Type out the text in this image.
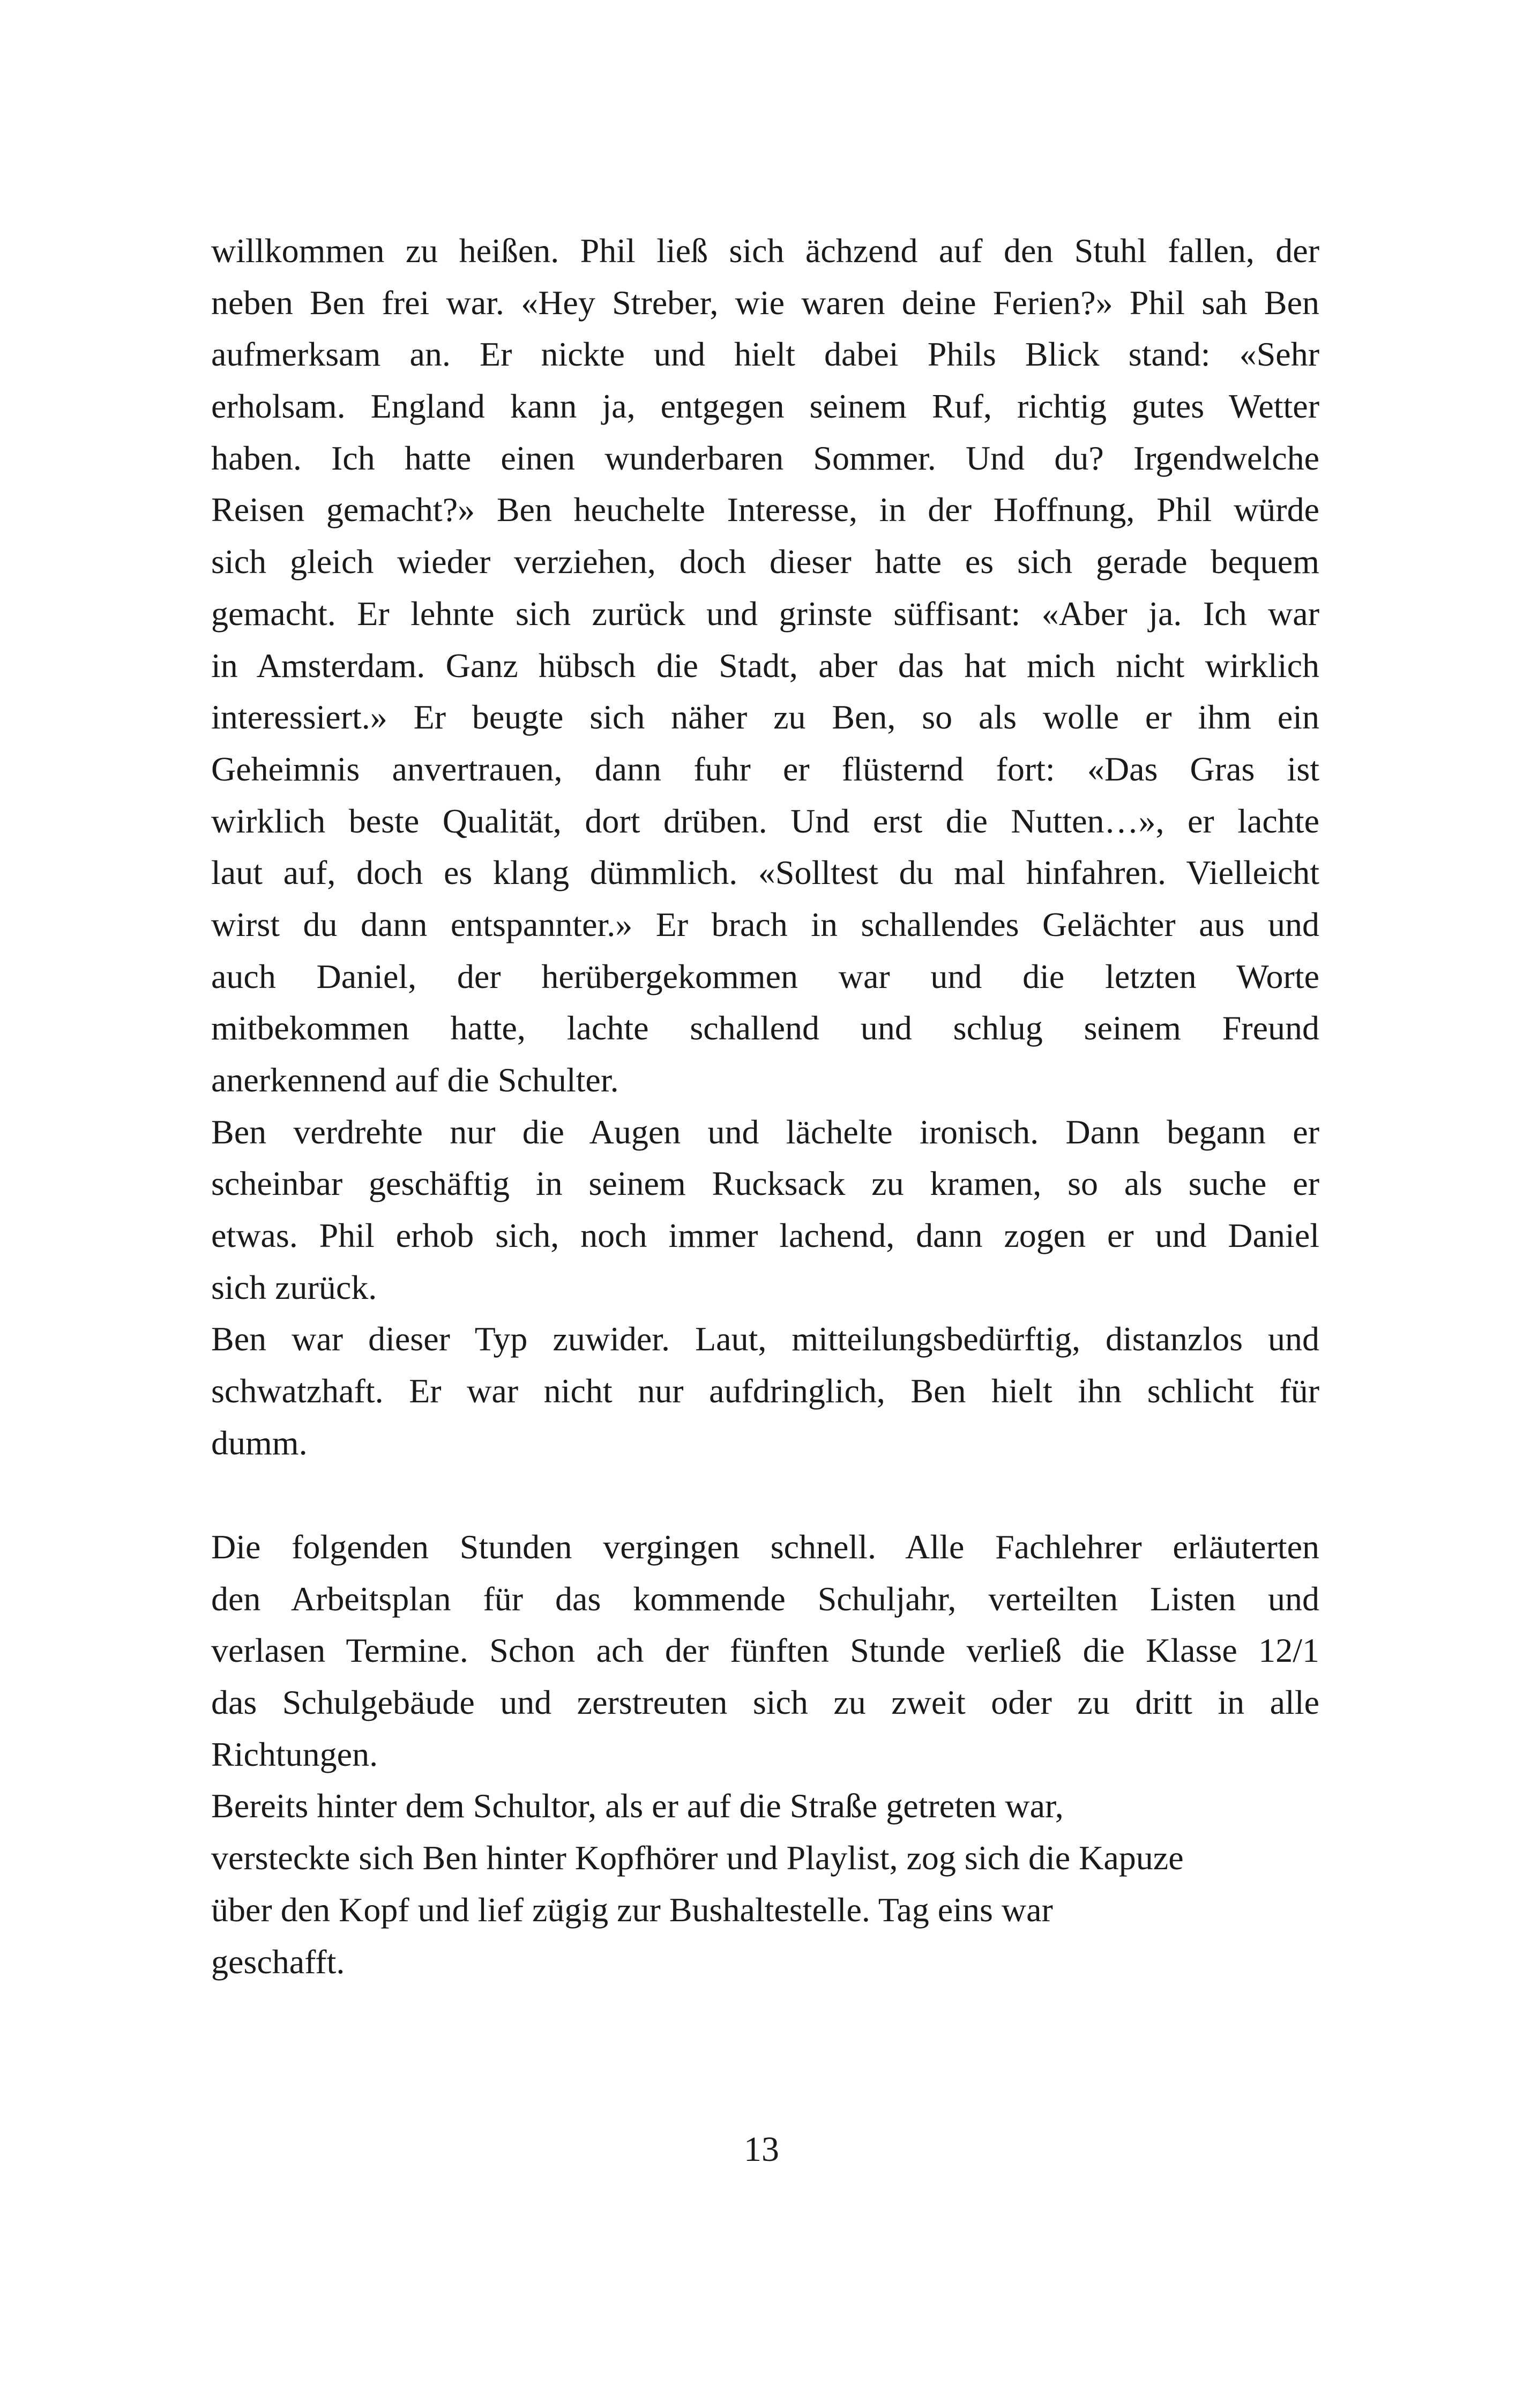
willkommen zu heißen. Phil ließ sich ächzend auf den Stuhl fallen, der
neben Ben frei war. «Hey Streber, wie waren deine Ferien?» Phil sah Ben
aufmerksam an. Er nickte und hielt dabei Phils Blick stand: «Sehr
erholsam. England kann ja, entgegen seinem Ruf, richtig gutes Wetter
haben. Ich hatte einen wunderbaren Sommer. Und du? Irgendwelche
Reisen gemacht?» Ben heuchelte Interesse, in der Hoffnung, Phil würde
sich gleich wieder verziehen, doch dieser hatte es sich gerade bequem
gemacht. Er lehnte sich zurück und grinste süffisant: «Aber ja. Ich war
in Amsterdam. Ganz hübsch die Stadt, aber das hat mich nicht wirklich
interessiert.» Er beugte sich näher zu Ben, so als wolle er ihm ein
Geheimnis anvertrauen, dann fuhr er flüsternd fort: «Das Gras ist
wirklich beste Qualität, dort drüben. Und erst die Nutten…», er lachte
laut auf, doch es klang dümmlich. «Solltest du mal hinfahren. Vielleicht
wirst du dann entspannter.» Er brach in schallendes Gelächter aus und
auch Daniel, der herübergekommen war und die letzten Worte
mitbekommen hatte, lachte schallend und schlug seinem Freund
anerkennend auf die Schulter.
Ben verdrehte nur die Augen und lächelte ironisch. Dann begann er
scheinbar geschäftig in seinem Rucksack zu kramen, so als suche er
etwas. Phil erhob sich, noch immer lachend, dann zogen er und Daniel
sich zurück.
Ben war dieser Typ zuwider. Laut, mitteilungsbedürftig, distanzlos und
schwatzhaft. Er war nicht nur aufdringlich, Ben hielt ihn schlicht für
dumm.
Die folgenden Stunden vergingen schnell. Alle Fachlehrer erläuterten
den Arbeitsplan für das kommende Schuljahr, verteilten Listen und
verlasen Termine. Schon ach der fünften Stunde verließ die Klasse 12/1
das Schulgebäude und zerstreuten sich zu zweit oder zu dritt in alle
Richtungen.
Bereits hinter dem Schultor, als er auf die Straße getreten war,
versteckte sich Ben hinter Kopfhörer und Playlist, zog sich die Kapuze
über den Kopf und lief zügig zur Bushaltestelle. Tag eins war
geschafft.
13
